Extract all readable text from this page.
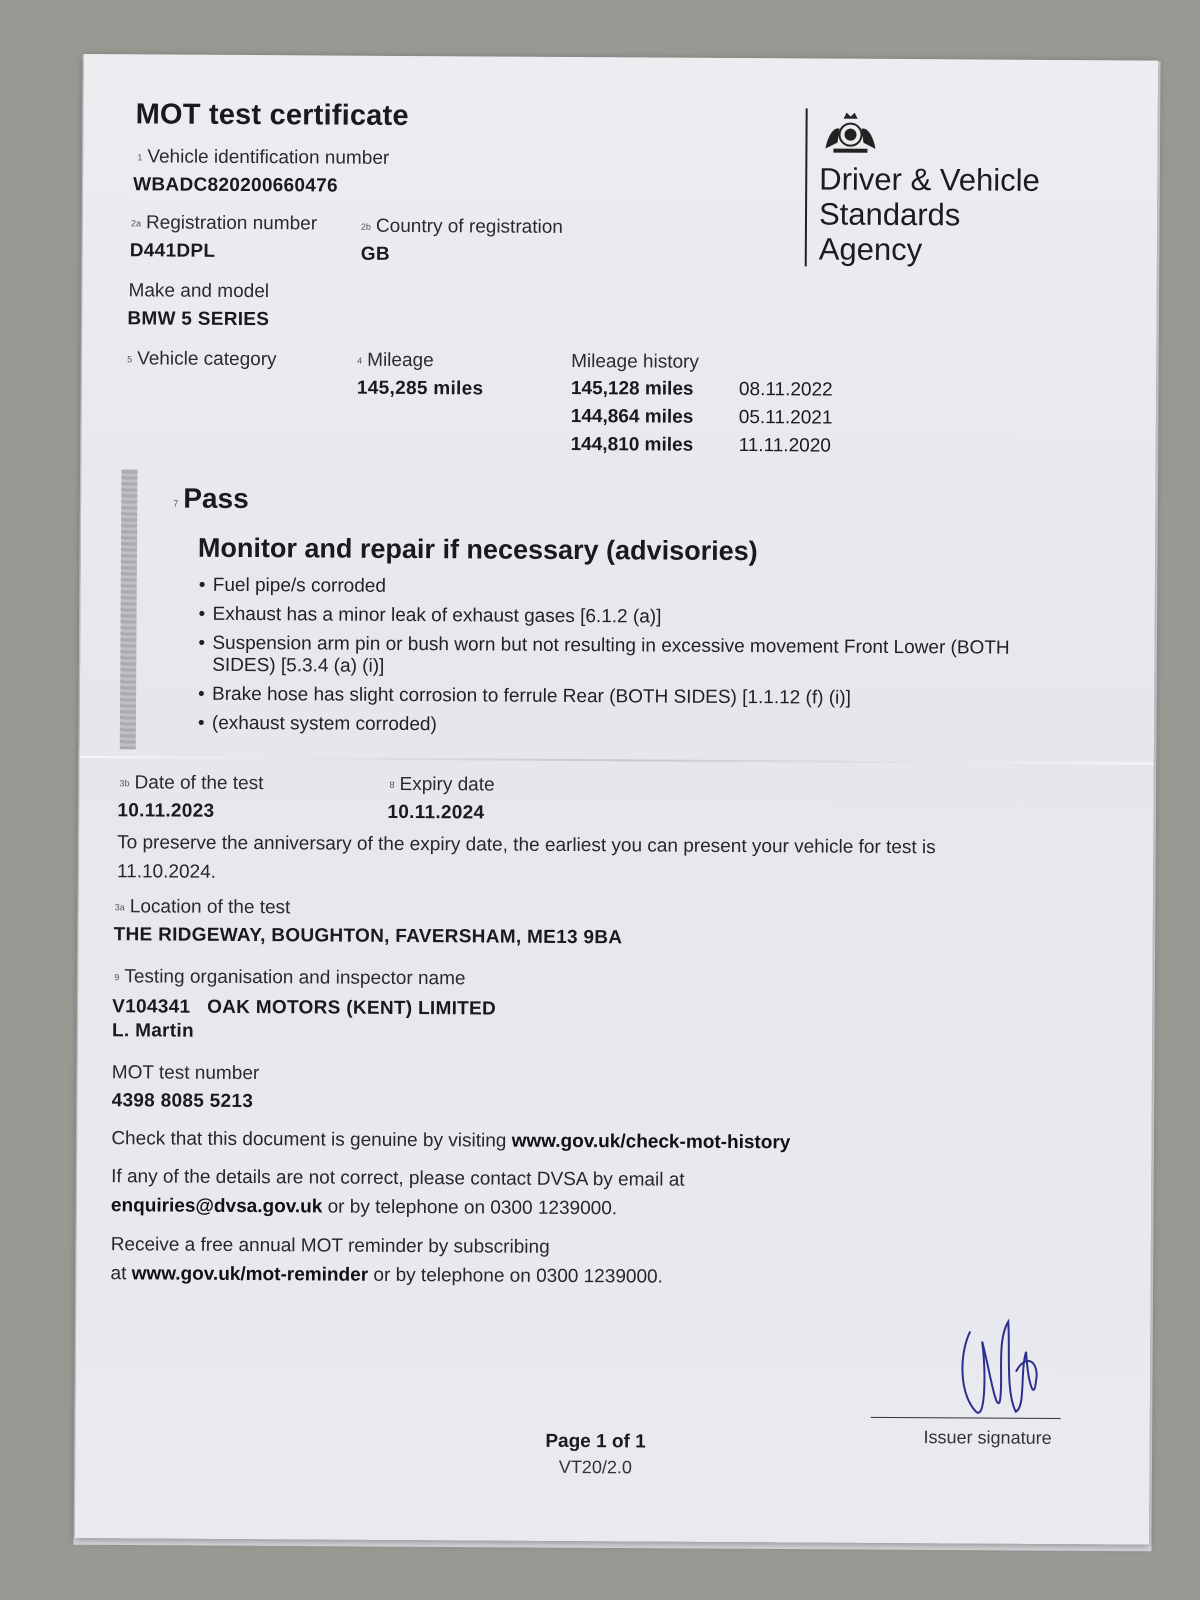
MOT test certificate
Driver & Vehicle
Standards
Agency
1 Vehicle identification number
WBADC820200660476
2a Registration number
D441DPL
2b Country of registration
GB
Make and model
BMW 5 SERIES
5 Vehicle category	4 Mileage
145,285 miles
Mileage history
145,128 miles	08.11.2022
144,864 miles	05.11.2021
144,810 miles	11.11.2020
7 Pass
Monitor and repair if necessary (advisories)
• Fuel pipe/s corroded
• Exhaust has a minor leak of exhaust gases [6.1.2 (a)]
• Suspension arm pin or bush worn but not resulting in excessive movement Front Lower (BOTH SIDES) [5.3.4 (a) (i)]
• Brake hose has slight corrosion to ferrule Rear (BOTH SIDES) [1.1.12 (f) (i)]
• (exhaust system corroded)
3b Date of the test
10.11.2023
8 Expiry date
10.11.2024
To preserve the anniversary of the expiry date, the earliest you can present your vehicle for test is 11.10.2024.
3a Location of the test
THE RIDGEWAY, BOUGHTON, FAVERSHAM, ME13 9BA
9 Testing organisation and inspector name
V104341 OAK MOTORS (KENT) LIMITED
L. Martin
MOT test number
4398 8085 5213
Check that this document is genuine by visiting www.gov.uk/check-mot-history
If any of the details are not correct, please contact DVSA by email at
enquiries@dvsa.gov.uk or by telephone on 0300 1239000.
Receive a free annual MOT reminder by subscribing
at www.gov.uk/mot-reminder or by telephone on 0300 1239000.
Issuer signature
Page 1 of 1
VT20/2.0
